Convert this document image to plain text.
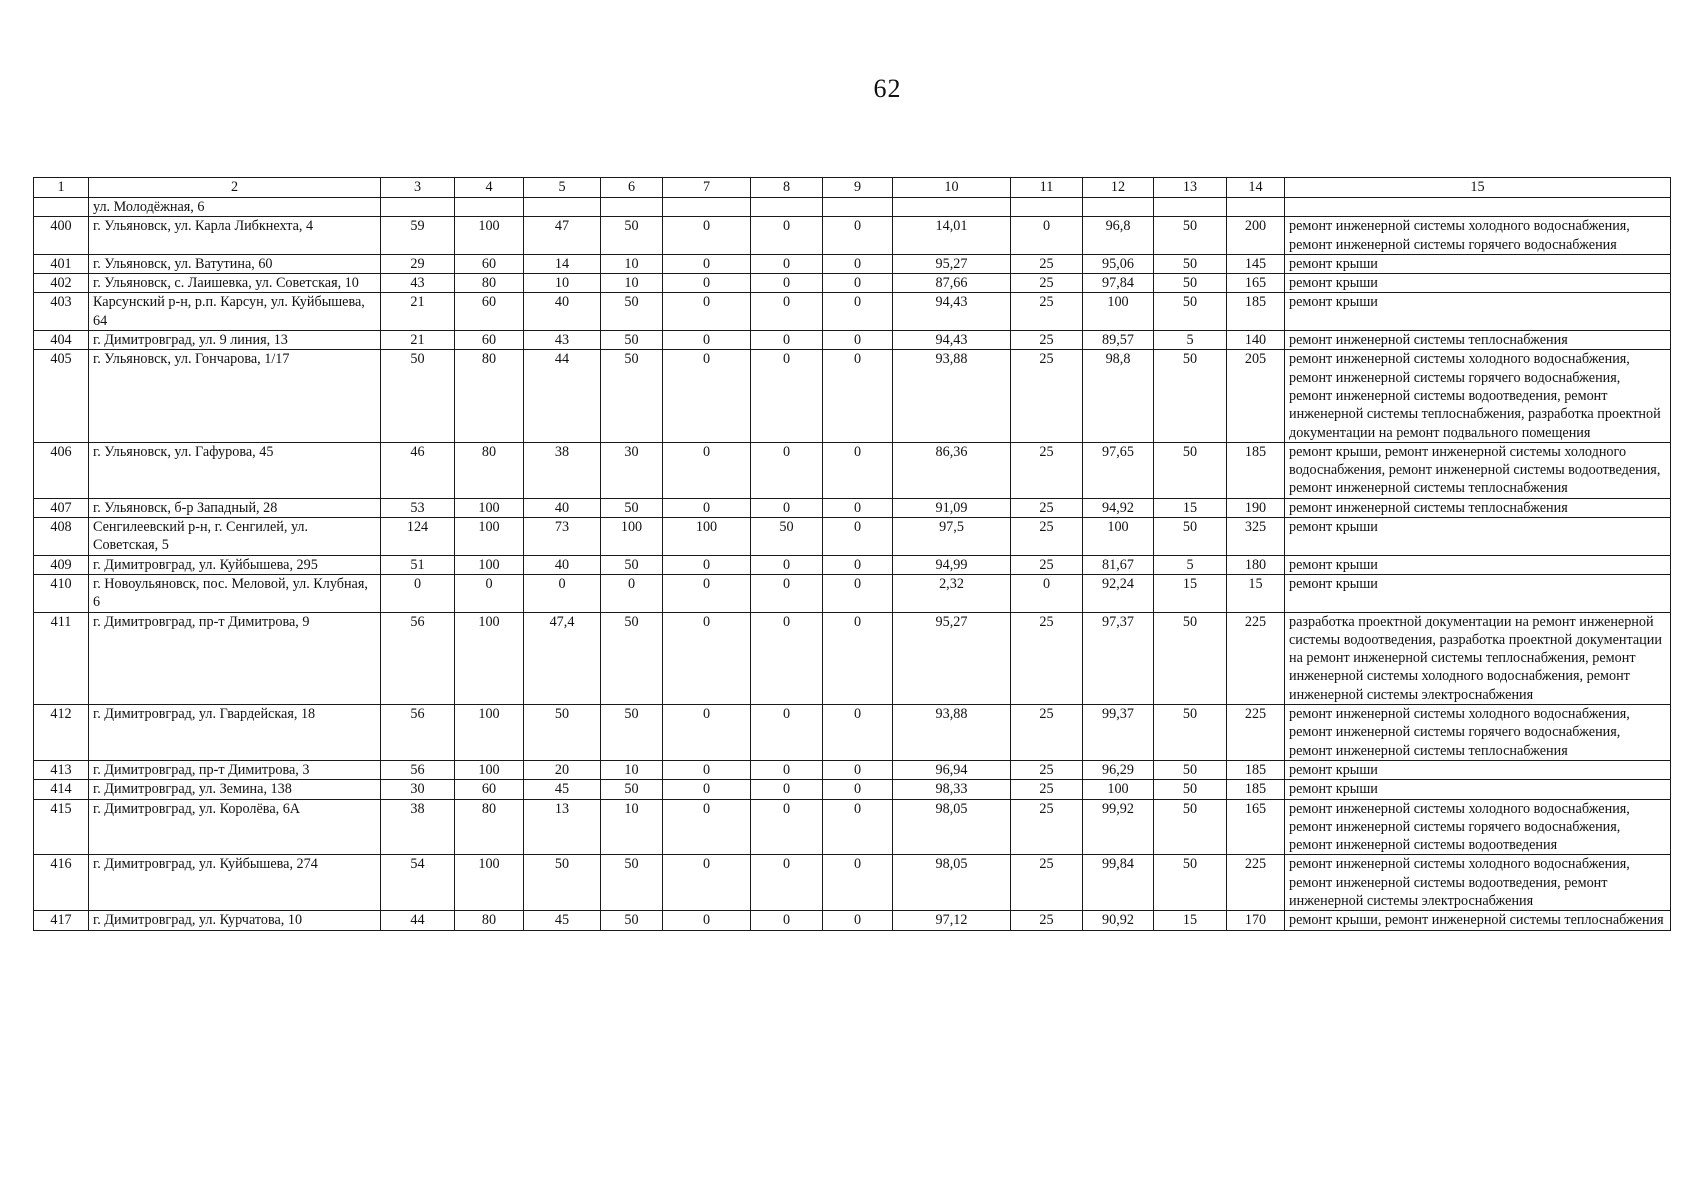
62
1	2	3	4	5	6	7	8	9	10	11	12	13	14	15
	ул. Молодёжная, 6													
400	г. Ульяновск, ул. Карла Либкнехта, 4	59	100	47	50	0	0	0	14,01	0	96,8	50	200	ремонт инженерной системы холодного водоснабжения, ремонт инженерной системы горячего водоснабжения
401	г. Ульяновск, ул. Ватутина, 60	29	60	14	10	0	0	0	95,27	25	95,06	50	145	ремонт крыши
402	г. Ульяновск, с. Лаишевка, ул. Советская, 10	43	80	10	10	0	0	0	87,66	25	97,84	50	165	ремонт крыши
403	Карсунский р-н, р.п. Карсун, ул. Куйбышева, 64	21	60	40	50	0	0	0	94,43	25	100	50	185	ремонт крыши
404	г. Димитровград, ул. 9 линия, 13	21	60	43	50	0	0	0	94,43	25	89,57	5	140	ремонт инженерной системы теплоснабжения
405	г. Ульяновск, ул. Гончарова, 1/17	50	80	44	50	0	0	0	93,88	25	98,8	50	205	ремонт инженерной системы холодного водоснабжения, ремонт инженерной системы горячего водоснабжения, ремонт инженерной системы водоотведения, ремонт инженерной системы теплоснабжения, разработка проектной документации на ремонт подвального помещения
406	г. Ульяновск, ул. Гафурова, 45	46	80	38	30	0	0	0	86,36	25	97,65	50	185	ремонт крыши, ремонт инженерной системы холодного водоснабжения, ремонт инженерной системы водоотведения, ремонт инженерной системы теплоснабжения
407	г. Ульяновск, б-р Западный, 28	53	100	40	50	0	0	0	91,09	25	94,92	15	190	ремонт инженерной системы теплоснабжения
408	Сенгилеевский р-н, г. Сенгилей, ул. Советская, 5	124	100	73	100	100	50	0	97,5	25	100	50	325	ремонт крыши
409	г. Димитровград, ул. Куйбышева, 295	51	100	40	50	0	0	0	94,99	25	81,67	5	180	ремонт крыши
410	г. Новоульяновск, пос. Меловой, ул. Клубная, 6	0	0	0	0	0	0	0	2,32	0	92,24	15	15	ремонт крыши
411	г. Димитровград, пр-т Димитрова, 9	56	100	47,4	50	0	0	0	95,27	25	97,37	50	225	разработка проектной документации на ремонт инженерной системы водоотведения, разработка проектной документации на ремонт инженерной системы теплоснабжения, ремонт инженерной системы холодного водоснабжения, ремонт инженерной системы электроснабжения
412	г. Димитровград, ул. Гвардейская, 18	56	100	50	50	0	0	0	93,88	25	99,37	50	225	ремонт инженерной системы холодного водоснабжения, ремонт инженерной системы горячего водоснабжения, ремонт инженерной системы теплоснабжения
413	г. Димитровград, пр-т Димитрова, 3	56	100	20	10	0	0	0	96,94	25	96,29	50	185	ремонт крыши
414	г. Димитровград, ул. Земина, 138	30	60	45	50	0	0	0	98,33	25	100	50	185	ремонт крыши
415	г. Димитровград, ул. Королёва, 6А	38	80	13	10	0	0	0	98,05	25	99,92	50	165	ремонт инженерной системы холодного водоснабжения, ремонт инженерной системы горячего водоснабжения, ремонт инженерной системы водоотведения
416	г. Димитровград, ул. Куйбышева, 274	54	100	50	50	0	0	0	98,05	25	99,84	50	225	ремонт инженерной системы холодного водоснабжения, ремонт инженерной системы водоотведения, ремонт инженерной системы электроснабжения
417	г. Димитровград, ул. Курчатова, 10	44	80	45	50	0	0	0	97,12	25	90,92	15	170	ремонт крыши, ремонт инженерной системы теплоснабжения
